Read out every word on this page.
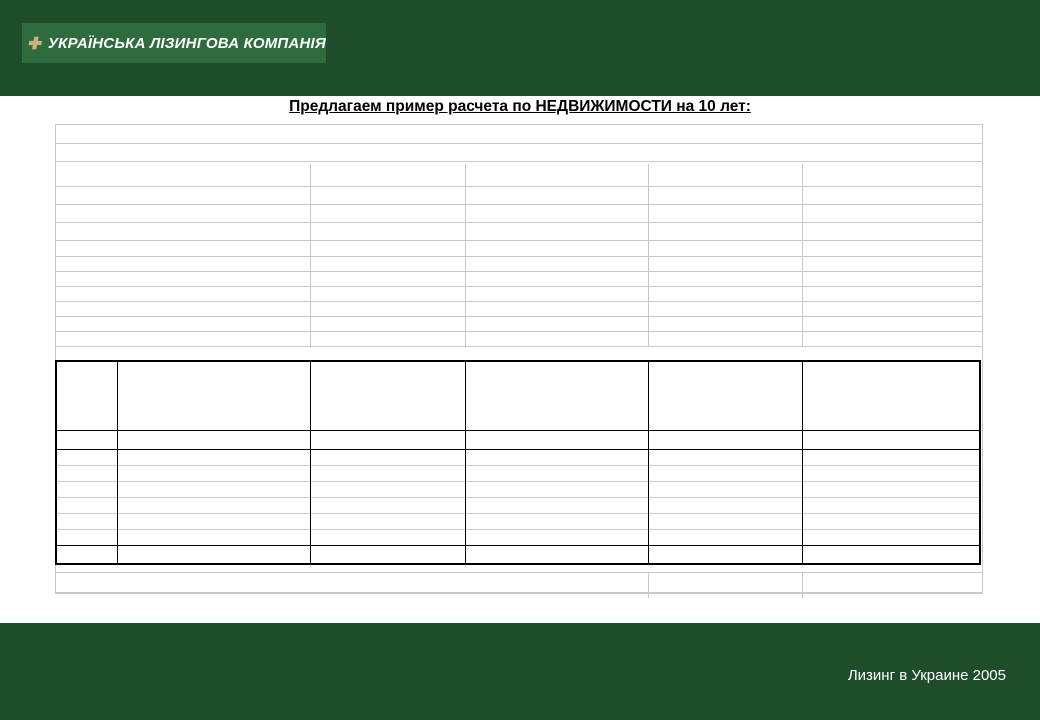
УКРАЇНСЬКА ЛІЗИНГОВА КОМПАНІЯ
Предлагаем пример расчета по НЕДВИЖИМОСТИ на 10 лет:
Лизинг в Украине 2005
